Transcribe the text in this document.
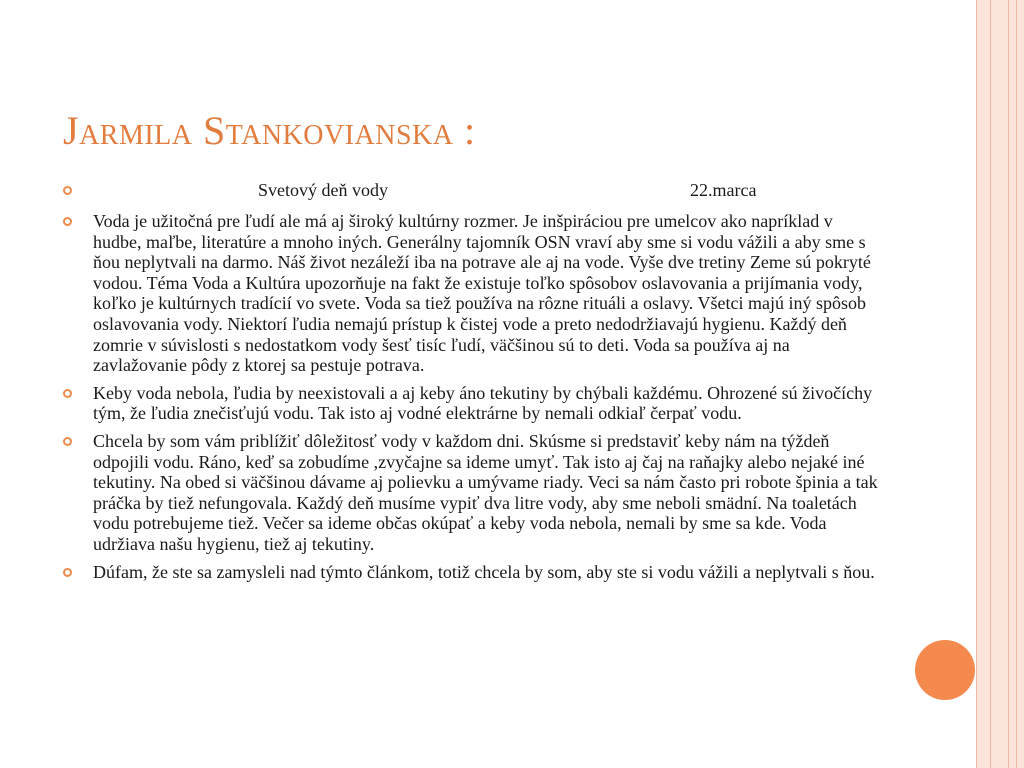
Jarmila Stankovianska :
Svetový deň vody	22.marca
Voda je užitočná pre ľudí ale má aj široký kultúrny rozmer. Je inšpiráciou pre umelcov ako napríklad v hudbe, maľbe, literatúre a mnoho iných. Generálny tajomník OSN vraví aby sme si vodu vážili a aby sme s ňou neplytvali na darmo. Náš život nezáleží iba na potrave ale aj na vode. Vyše dve tretiny Zeme sú pokryté vodou. Téma Voda a Kultúra upozorňuje na fakt že existuje toľko spôsobov oslavovania a prijímania vody, koľko je kultúrnych tradícií vo svete. Voda sa tiež používa na rôzne rituáli a oslavy. Všetci majú iný spôsob oslavovania vody. Niektorí ľudia nemajú prístup k čistej vode a preto nedodržiavajú hygienu. Každý deň zomrie v súvislosti s nedostatkom vody šesť tisíc ľudí, väčšinou sú to deti. Voda sa používa aj na zavlažovanie pôdy z ktorej sa pestuje potrava.
Keby voda nebola, ľudia by neexistovali a aj keby áno tekutiny by chýbali každému. Ohrozené sú živočíchy tým, že ľudia znečisťujú vodu. Tak isto aj vodné elektrárne by nemali odkiaľ čerpať vodu.
Chcela by som vám priblížiť dôležitosť vody v každom dni. Skúsme si predstaviť keby nám na týždeň odpojili vodu. Ráno, keď sa zobudíme ,zvyčajne sa ideme umyť. Tak isto aj čaj na raňajky alebo nejaké iné tekutiny. Na obed si väčšinou dávame aj polievku a umývame riady. Veci sa nám často pri robote špinia a tak práčka by tiež nefungovala. Každý deň musíme vypiť dva litre vody, aby sme neboli smädní. Na toaletách vodu potrebujeme tiež. Večer sa ideme občas okúpať a keby voda nebola, nemali by sme sa kde. Voda udržiava našu hygienu, tiež aj tekutiny.
Dúfam, že ste sa zamysleli nad týmto článkom, totiž chcela by som, aby ste si vodu vážili a neplytvali s ňou.
